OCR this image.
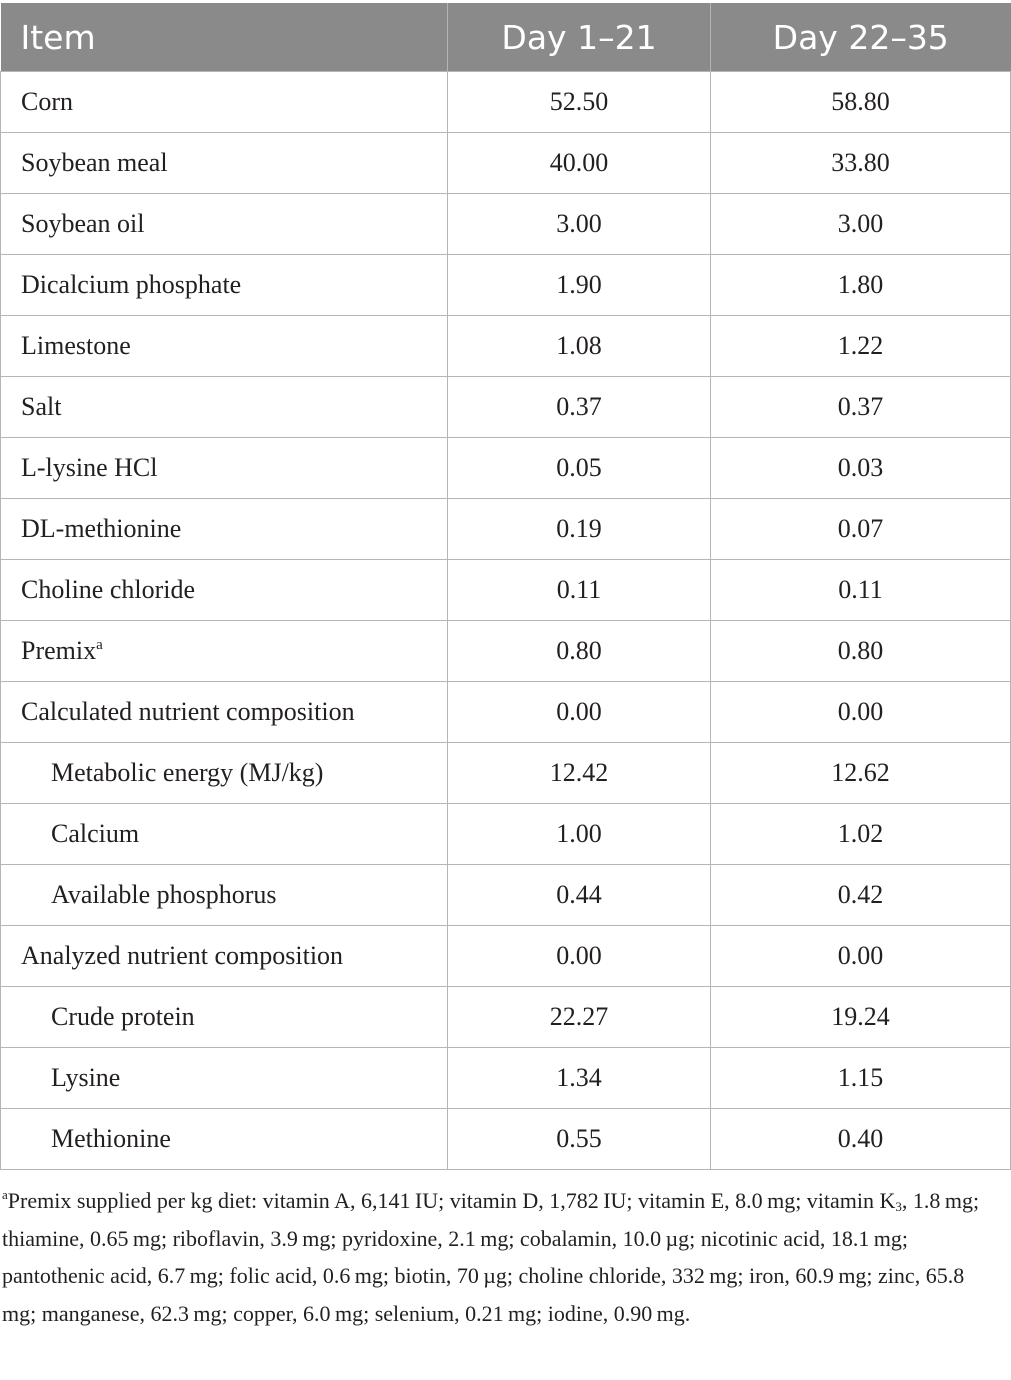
Item	Day 1–21	Day 22–35
Corn	52.50	58.80
Soybean meal	40.00	33.80
Soybean oil	3.00	3.00
Dicalcium phosphate	1.90	1.80
Limestone	1.08	1.22
Salt	0.37	0.37
L-lysine HCl	0.05	0.03
DL-methionine	0.19	0.07
Choline chloride	0.11	0.11
Premix$^a$	0.80	0.80
Calculated nutrient composition	0.00	0.00
Metabolic energy (MJ/kg)	12.42	12.62
Calcium	1.00	1.02
Available phosphorus	0.44	0.42
Analyzed nutrient composition	0.00	0.00
Crude protein	22.27	19.24
Lysine	1.34	1.15
Methionine	0.55	0.40

$^a$Premix supplied per kg diet: vitamin A, 6,141 IU; vitamin D, 1,782 IU; vitamin E, 8.0 mg; vitamin $K_3$, 1.8 mg; thiamine, 0.65 mg; riboflavin, 3.9 mg; pyridoxine, 2.1 mg; cobalamin, 10.0 µg; nicotinic acid, 18.1 mg; pantothenic acid, 6.7 mg; folic acid, 0.6 mg; biotin, 70 µg; choline chloride, 332 mg; iron, 60.9 mg; zinc, 65.8 mg; manganese, 62.3 mg; copper, 6.0 mg; selenium, 0.21 mg; iodine, 0.90 mg.
